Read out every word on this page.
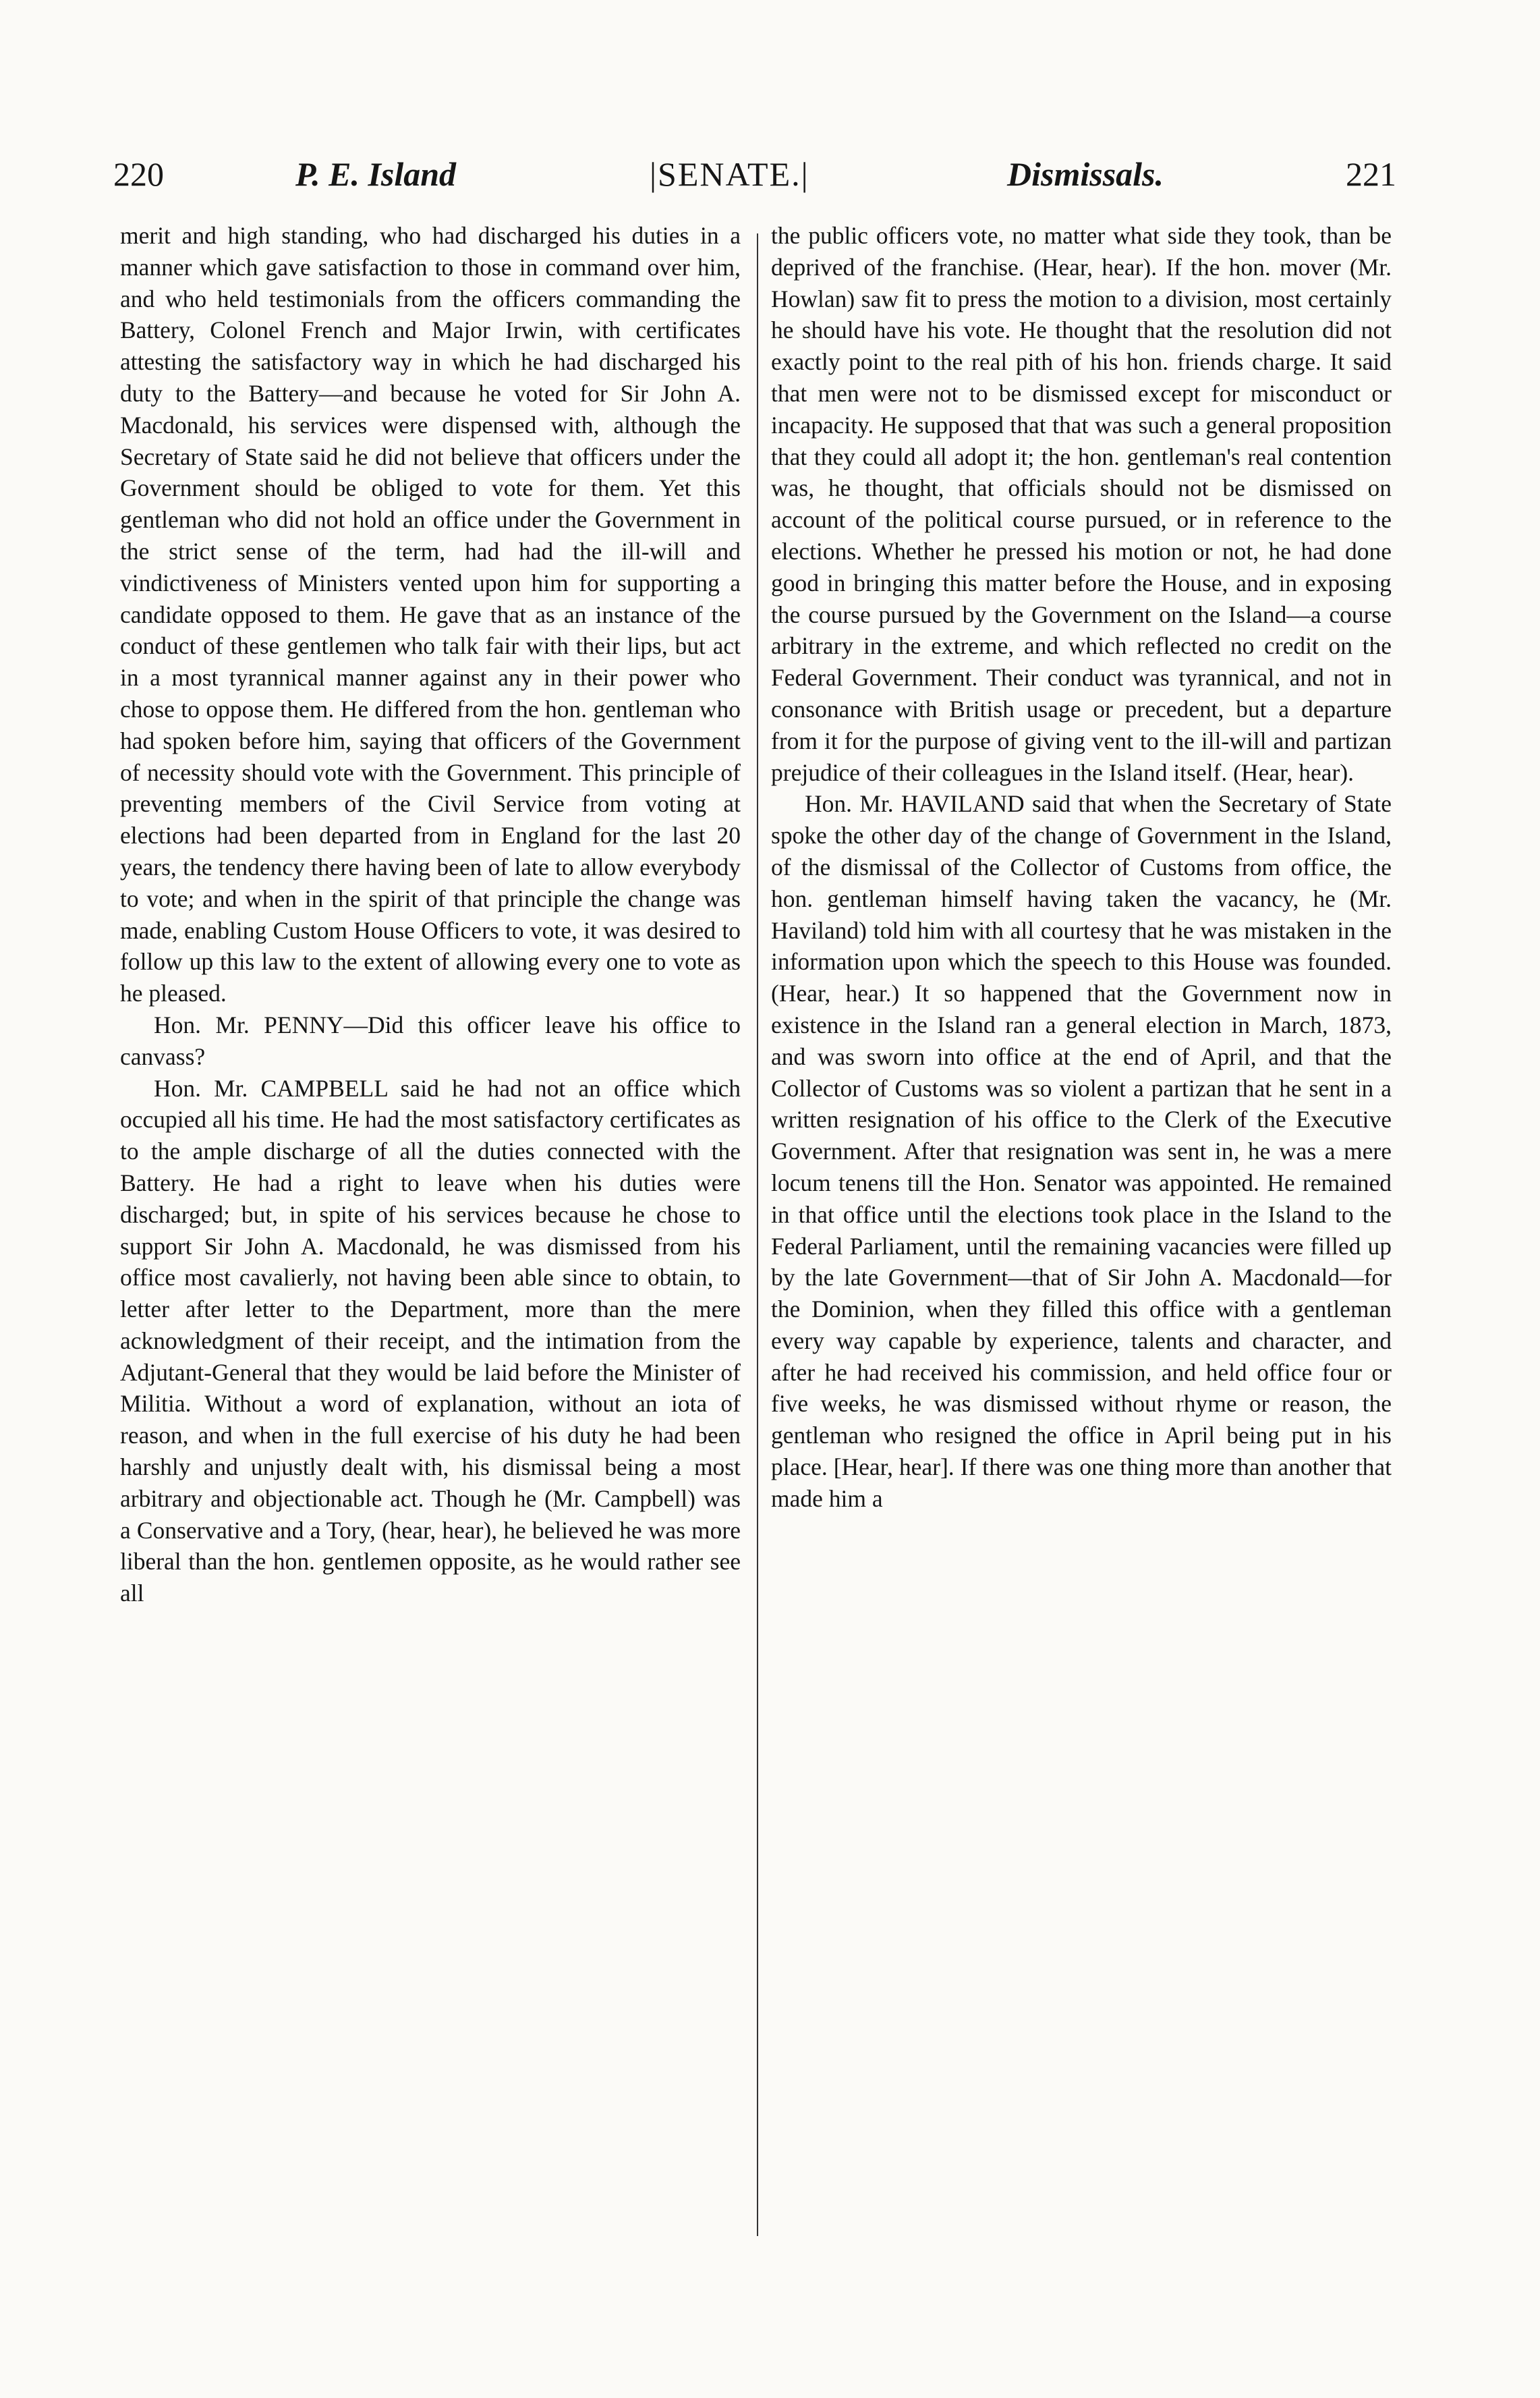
220	P. E. Island	|SENATE.|	Dismissals.	221

merit and high standing, who had discharged his duties in a manner which gave satisfaction to those in command over him, and who held testimonials from the officers commanding the Battery, Colonel French and Major Irwin, with certificates attesting the satisfactory way in which he had discharged his duty to the Battery—and because he voted for Sir John A. Macdonald, his services were dispensed with, although the Secretary of State said he did not believe that officers under the Government should be obliged to vote for them. Yet this gentleman who did not hold an office under the Government in the strict sense of the term, had had the ill-will and vindictiveness of Ministers vented upon him for supporting a candidate opposed to them. He gave that as an instance of the conduct of these gentlemen who talk fair with their lips, but act in a most tyrannical manner against any in their power who chose to oppose them. He differed from the hon. gentleman who had spoken before him, saying that officers of the Government of necessity should vote with the Government. This principle of preventing members of the Civil Service from voting at elections had been departed from in England for the last 20 years, the tendency there having been of late to allow everybody to vote; and when in the spirit of that principle the change was made, enabling Custom House Officers to vote, it was desired to follow up this law to the extent of allowing every one to vote as he pleased.

Hon. Mr. PENNY—Did this officer leave his office to canvass?

Hon. Mr. CAMPBELL said he had not an office which occupied all his time. He had the most satisfactory certificates as to the ample discharge of all the duties connected with the Battery. He had a right to leave when his duties were discharged; but, in spite of his services because he chose to support Sir John A. Macdonald, he was dismissed from his office most cavalierly, not having been able since to obtain, to letter after letter to the Department, more than the mere acknowledgment of their receipt, and the intimation from the Adjutant-General that they would be laid before the Minister of Militia. Without a word of explanation, without an iota of reason, and when in the full exercise of his duty he had been harshly and unjustly dealt with, his dismissal being a most arbitrary and objectionable act. Though he (Mr. Campbell) was a Conservative and a Tory, (hear, hear), he believed he was more liberal than the hon. gentlemen opposite, as he would rather see all

the public officers vote, no matter what side they took, than be deprived of the franchise. (Hear, hear). If the hon. mover (Mr. Howlan) saw fit to press the motion to a division, most certainly he should have his vote. He thought that the resolution did not exactly point to the real pith of his hon. friends charge. It said that men were not to be dismissed except for misconduct or incapacity. He supposed that that was such a general proposition that they could all adopt it; the hon. gentleman's real contention was, he thought, that officials should not be dismissed on account of the political course pursued, or in reference to the elections. Whether he pressed his motion or not, he had done good in bringing this matter before the House, and in exposing the course pursued by the Government on the Island—a course arbitrary in the extreme, and which reflected no credit on the Federal Government. Their conduct was tyrannical, and not in consonance with British usage or precedent, but a departure from it for the purpose of giving vent to the ill-will and partizan prejudice of their colleagues in the Island itself. (Hear, hear).

Hon. Mr. HAVILAND said that when the Secretary of State spoke the other day of the change of Government in the Island, of the dismissal of the Collector of Customs from office, the hon. gentleman himself having taken the vacancy, he (Mr. Haviland) told him with all courtesy that he was mistaken in the information upon which the speech to this House was founded. (Hear, hear.) It so happened that the Government now in existence in the Island ran a general election in March, 1873, and was sworn into office at the end of April, and that the Collector of Customs was so violent a partizan that he sent in a written resignation of his office to the Clerk of the Executive Government. After that resignation was sent in, he was a mere locum tenens till the Hon. Senator was appointed. He remained in that office until the elections took place in the Island to the Federal Parliament, until the remaining vacancies were filled up by the late Government—that of Sir John A. Macdonald—for the Dominion, when they filled this office with a gentleman every way capable by experience, talents and character, and after he had received his commission, and held office four or five weeks, he was dismissed without rhyme or reason, the gentleman who resigned the office in April being put in his place. [Hear, hear]. If there was one thing more than another that made him a
